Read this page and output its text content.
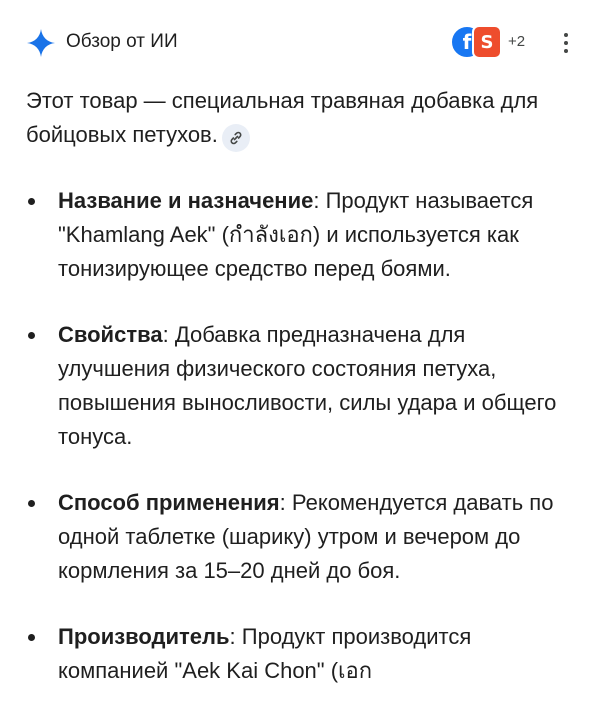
Обзор от ИИ	f S +2

Этот товар — специальная травяная добавка для бойцовых петухов.

Название и назначение: Продукт называется "Khamlang Aek" (กำลังเอก) и используется как тонизирующее средство перед боями.
Свойства: Добавка предназначена для улучшения физического состояния петуха, повышения выносливости, силы удара и общего тонуса.
Способ применения: Рекомендуется давать по одной таблетке (шарику) утром и вечером до кормления за 15–20 дней до боя.
Производитель: Продукт производится компанией "Aek Kai Chon" (เอก
